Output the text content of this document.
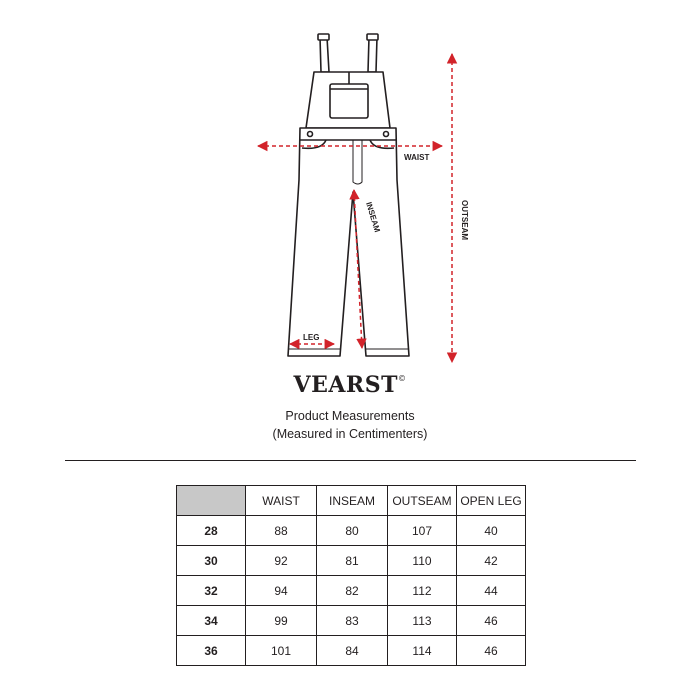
WAIST
OUTSEAM
INSEAM
LEG
VEARST©
Product Measurements
(Measured in Centimenters)
	WAIST	INSEAM	OUTSEAM	OPEN LEG
28	88	80	107	40
30	92	81	110	42
32	94	82	112	44
34	99	83	113	46
36	101	84	114	46
